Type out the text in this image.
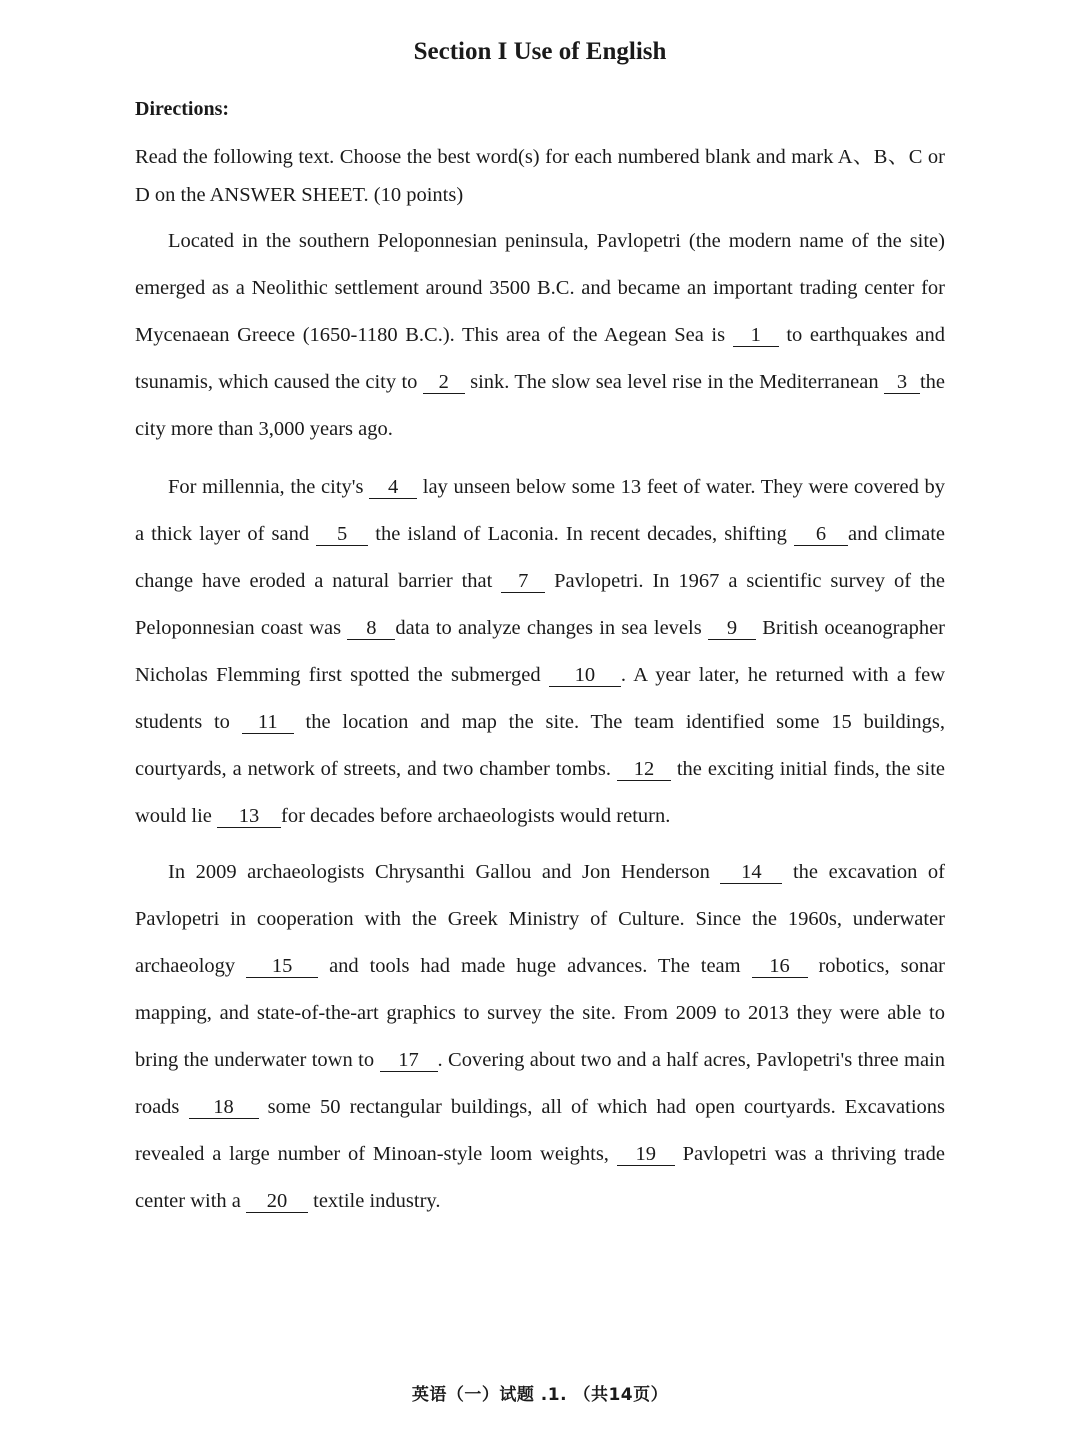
Section I Use of English
Directions:
Read the following text. Choose the best word(s) for each numbered blank and mark A、B、C or D on the ANSWER SHEET. (10 points)
Located in the southern Peloponnesian peninsula, Pavlopetri (the modern name of the site) emerged as a Neolithic settlement around 3500 B.C. and became an important trading center for Mycenaean Greece (1650-1180 B.C.). This area of the Aegean Sea is 1 to earthquakes and tsunamis, which caused the city to 2 sink. The slow sea level rise in the Mediterranean 3 the city more than 3,000 years ago.
For millennia, the city's 4 lay unseen below some 13 feet of water. They were covered by a thick layer of sand 5 the island of Laconia. In recent decades, shifting 6 and climate change have eroded a natural barrier that 7 Pavlopetri. In 1967 a scientific survey of the Peloponnesian coast was 8 data to analyze changes in sea levels 9 British oceanographer Nicholas Flemming first spotted the submerged 10 . A year later, he returned with a few students to 11 the location and map the site. The team identified some 15 buildings, courtyards, a network of streets, and two chamber tombs. 12 the exciting initial finds, the site would lie 13 for decades before archaeologists would return.
In 2009 archaeologists Chrysanthi Gallou and Jon Henderson 14 the excavation of Pavlopetri in cooperation with the Greek Ministry of Culture. Since the 1960s, underwater archaeology 15 and tools had made huge advances. The team 16 robotics, sonar mapping, and state-of-the-art graphics to survey the site. From 2009 to 2013 they were able to bring the underwater town to 17 . Covering about two and a half acres, Pavlopetri's three main roads 18 some 50 rectangular buildings, all of which had open courtyards. Excavations revealed a large number of Minoan-style loom weights, 19 Pavlopetri was a thriving trade center with a 20 textile industry.
英语（一）试题 .1. （共14页）
